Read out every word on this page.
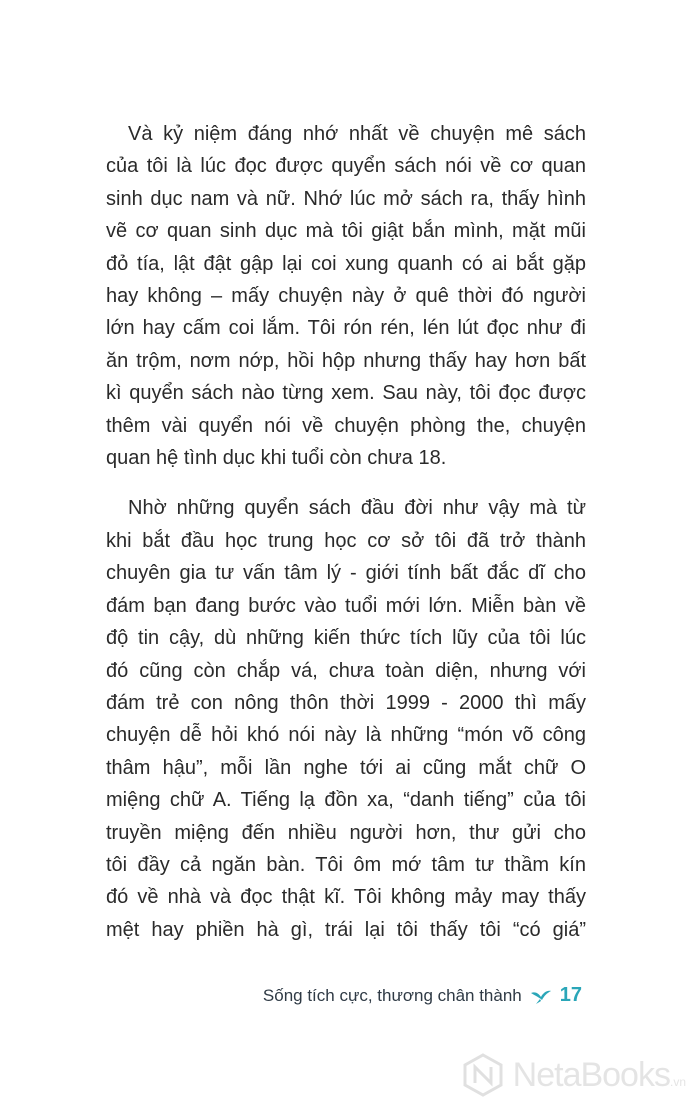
Và kỷ niệm đáng nhớ nhất về chuyện mê sách
của tôi là lúc đọc được quyển sách nói về cơ quan
sinh dục nam và nữ. Nhớ lúc mở sách ra, thấy hình
vẽ cơ quan sinh dục mà tôi giật bắn mình, mặt mũi
đỏ tía, lật đật gập lại coi xung quanh có ai bắt gặp
hay không – mấy chuyện này ở quê thời đó người
lớn hay cấm coi lắm. Tôi rón rén, lén lút đọc như đi
ăn trộm, nơm nớp, hồi hộp nhưng thấy hay hơn bất
kì quyển sách nào từng xem. Sau này, tôi đọc được
thêm vài quyển nói về chuyện phòng the, chuyện
quan hệ tình dục khi tuổi còn chưa 18.

Nhờ những quyển sách đầu đời như vậy mà từ
khi bắt đầu học trung học cơ sở tôi đã trở thành
chuyên gia tư vấn tâm lý - giới tính bất đắc dĩ cho
đám bạn đang bước vào tuổi mới lớn. Miễn bàn về
độ tin cậy, dù những kiến thức tích lũy của tôi lúc
đó cũng còn chắp vá, chưa toàn diện, nhưng với
đám trẻ con nông thôn thời 1999 - 2000 thì mấy
chuyện dễ hỏi khó nói này là những “món võ công
thâm hậu”, mỗi lần nghe tới ai cũng mắt chữ O
miệng chữ A. Tiếng lạ đồn xa, “danh tiếng” của tôi
truyền miệng đến nhiều người hơn, thư gửi cho
tôi đầy cả ngăn bàn. Tôi ôm mớ tâm tư thầm kín
đó về nhà và đọc thật kĩ. Tôi không mảy may thấy
mệt hay phiền hà gì, trái lại tôi thấy tôi “có giá”

Sống tích cực, thương chân thành 17
NetaBooks.vn
